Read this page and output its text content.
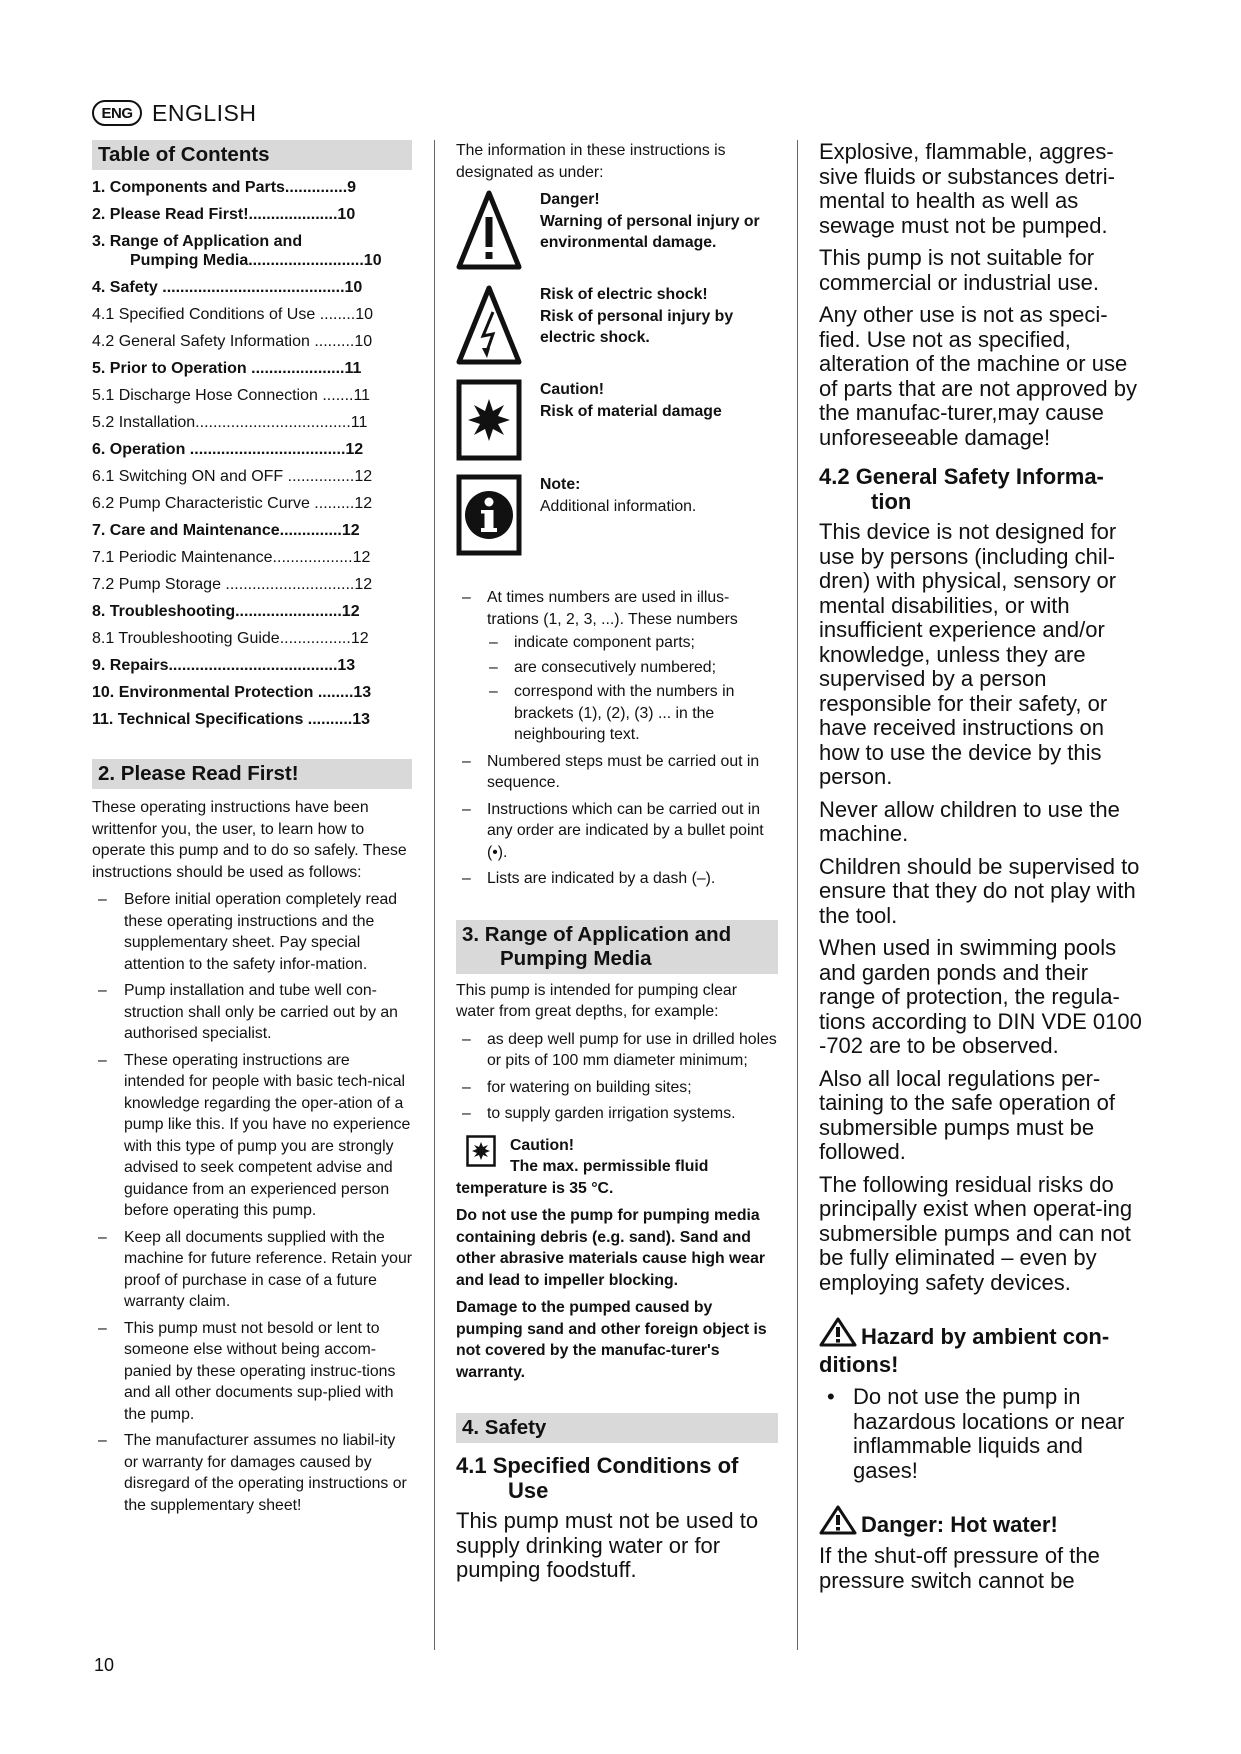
ENG ENGLISH
Table of Contents
1. Components and Parts..............9
2. Please Read First!....................10
3. Range of Application and
Pumping Media..........................10
4. Safety .........................................10
4.1 Specified Conditions of Use ........10
4.2 General Safety Information .........10
5. Prior to Operation .....................11
5.1 Discharge Hose Connection .......11
5.2 Installation...................................11
6. Operation ...................................12
6.1 Switching ON and OFF ...............12
6.2 Pump Characteristic Curve .........12
7. Care and Maintenance..............12
7.1 Periodic Maintenance..................12
7.2 Pump Storage .............................12
8. Troubleshooting........................12
8.1 Troubleshooting Guide................12
9. Repairs......................................13
10. Environmental Protection ........13
11. Technical Specifications ..........13
2. Please Read First!

These operating instructions have been writtenfor you, the user, to learn how to operate this pump and to do so safely. These instructions should be used as follows:

– Before initial operation completely read these operating instructions and the supplementary sheet. Pay special attention to the safety infor-mation.
– Pump installation and tube well con-struction shall only be carried out by an authorised specialist.
– These operating instructions are intended for people with basic tech-nical knowledge regarding the oper-ation of a pump like this. If you have no experience with this type of pump you are strongly advised to seek competent advise and guidance from an experienced person before operating this pump.
– Keep all documents supplied with the machine for future reference. Retain your proof of purchase in case of a future warranty claim.
– This pump must not besold or lent to someone else without being accom-panied by these operating instruc-tions and all other documents sup-plied with the pump.
– The manufacturer assumes no liabil-ity or warranty for damages caused by disregard of the operating instructions or the supplementary sheet!

The information in these instructions is designated as under:

Danger!
Warning of personal injury or environmental damage.
Risk of electric shock!
Risk of personal injury by electric shock.
Caution!
Risk of material damage
Note:
Additional information.
– At times numbers are used in illus-trations (1, 2, 3, ...). These numbers
– indicate component parts;
– are consecutively numbered;
– correspond with the numbers in brackets (1), (2), (3) ... in the neighbouring text.
– Numbered steps must be carried out in sequence.
– Instructions which can be carried out in any order are indicated by a bullet point (•).
– Lists are indicated by a dash (–).
3. Range of Application and
Pumping Media

This pump is intended for pumping clear water from great depths, for example:

– as deep well pump for use in drilled holes or pits of 100 mm diameter minimum;
– for watering on building sites;
– to supply garden irrigation systems.
Caution!
The max. permissible fluid

temperature is 35 °C.

Do not use the pump for pumping media containing debris (e.g. sand). Sand and other abrasive materials cause high wear and lead to impeller blocking.

Damage to the pumped caused by pumping sand and other foreign object is not covered by the manufac-turer's warranty.

4. Safety
4.1 Specified Conditions of
Use

This pump must not be used to supply drinking water or for pumping foodstuff.

Explosive, flammable, aggres-sive fluids or substances detri-mental to health as well as sewage must not be pumped.

This pump is not suitable for commercial or industrial use.

Any other use is not as speci-fied. Use not as specified, alteration of the machine or use of parts that are not approved by the manufac-turer,may cause unforeseeable damage!

4.2 General Safety Informa-
tion

This device is not designed for use by persons (including chil-dren) with physical, sensory or mental disabilities, or with insufficient experience and/or knowledge, unless they are supervised by a person responsible for their safety, or have received instructions on how to use the device by this person.

Never allow children to use the machine.

Children should be supervised to ensure that they do not play with the tool.

When used in swimming pools and garden ponds and their range of protection, the regula-tions according to DIN VDE 0100 -702 are to be observed.

Also all local regulations per-taining to the safe operation of submersible pumps must be followed.

The following residual risks do principally exist when operat-ing submersible pumps and can not be fully eliminated – even by employing safety devices.

Hazard by ambient con-
ditions!
• Do not use the pump in hazardous locations or near inflammable liquids and gases!
Danger: Hot water!

If the shut-off pressure of the pressure switch cannot be

10
